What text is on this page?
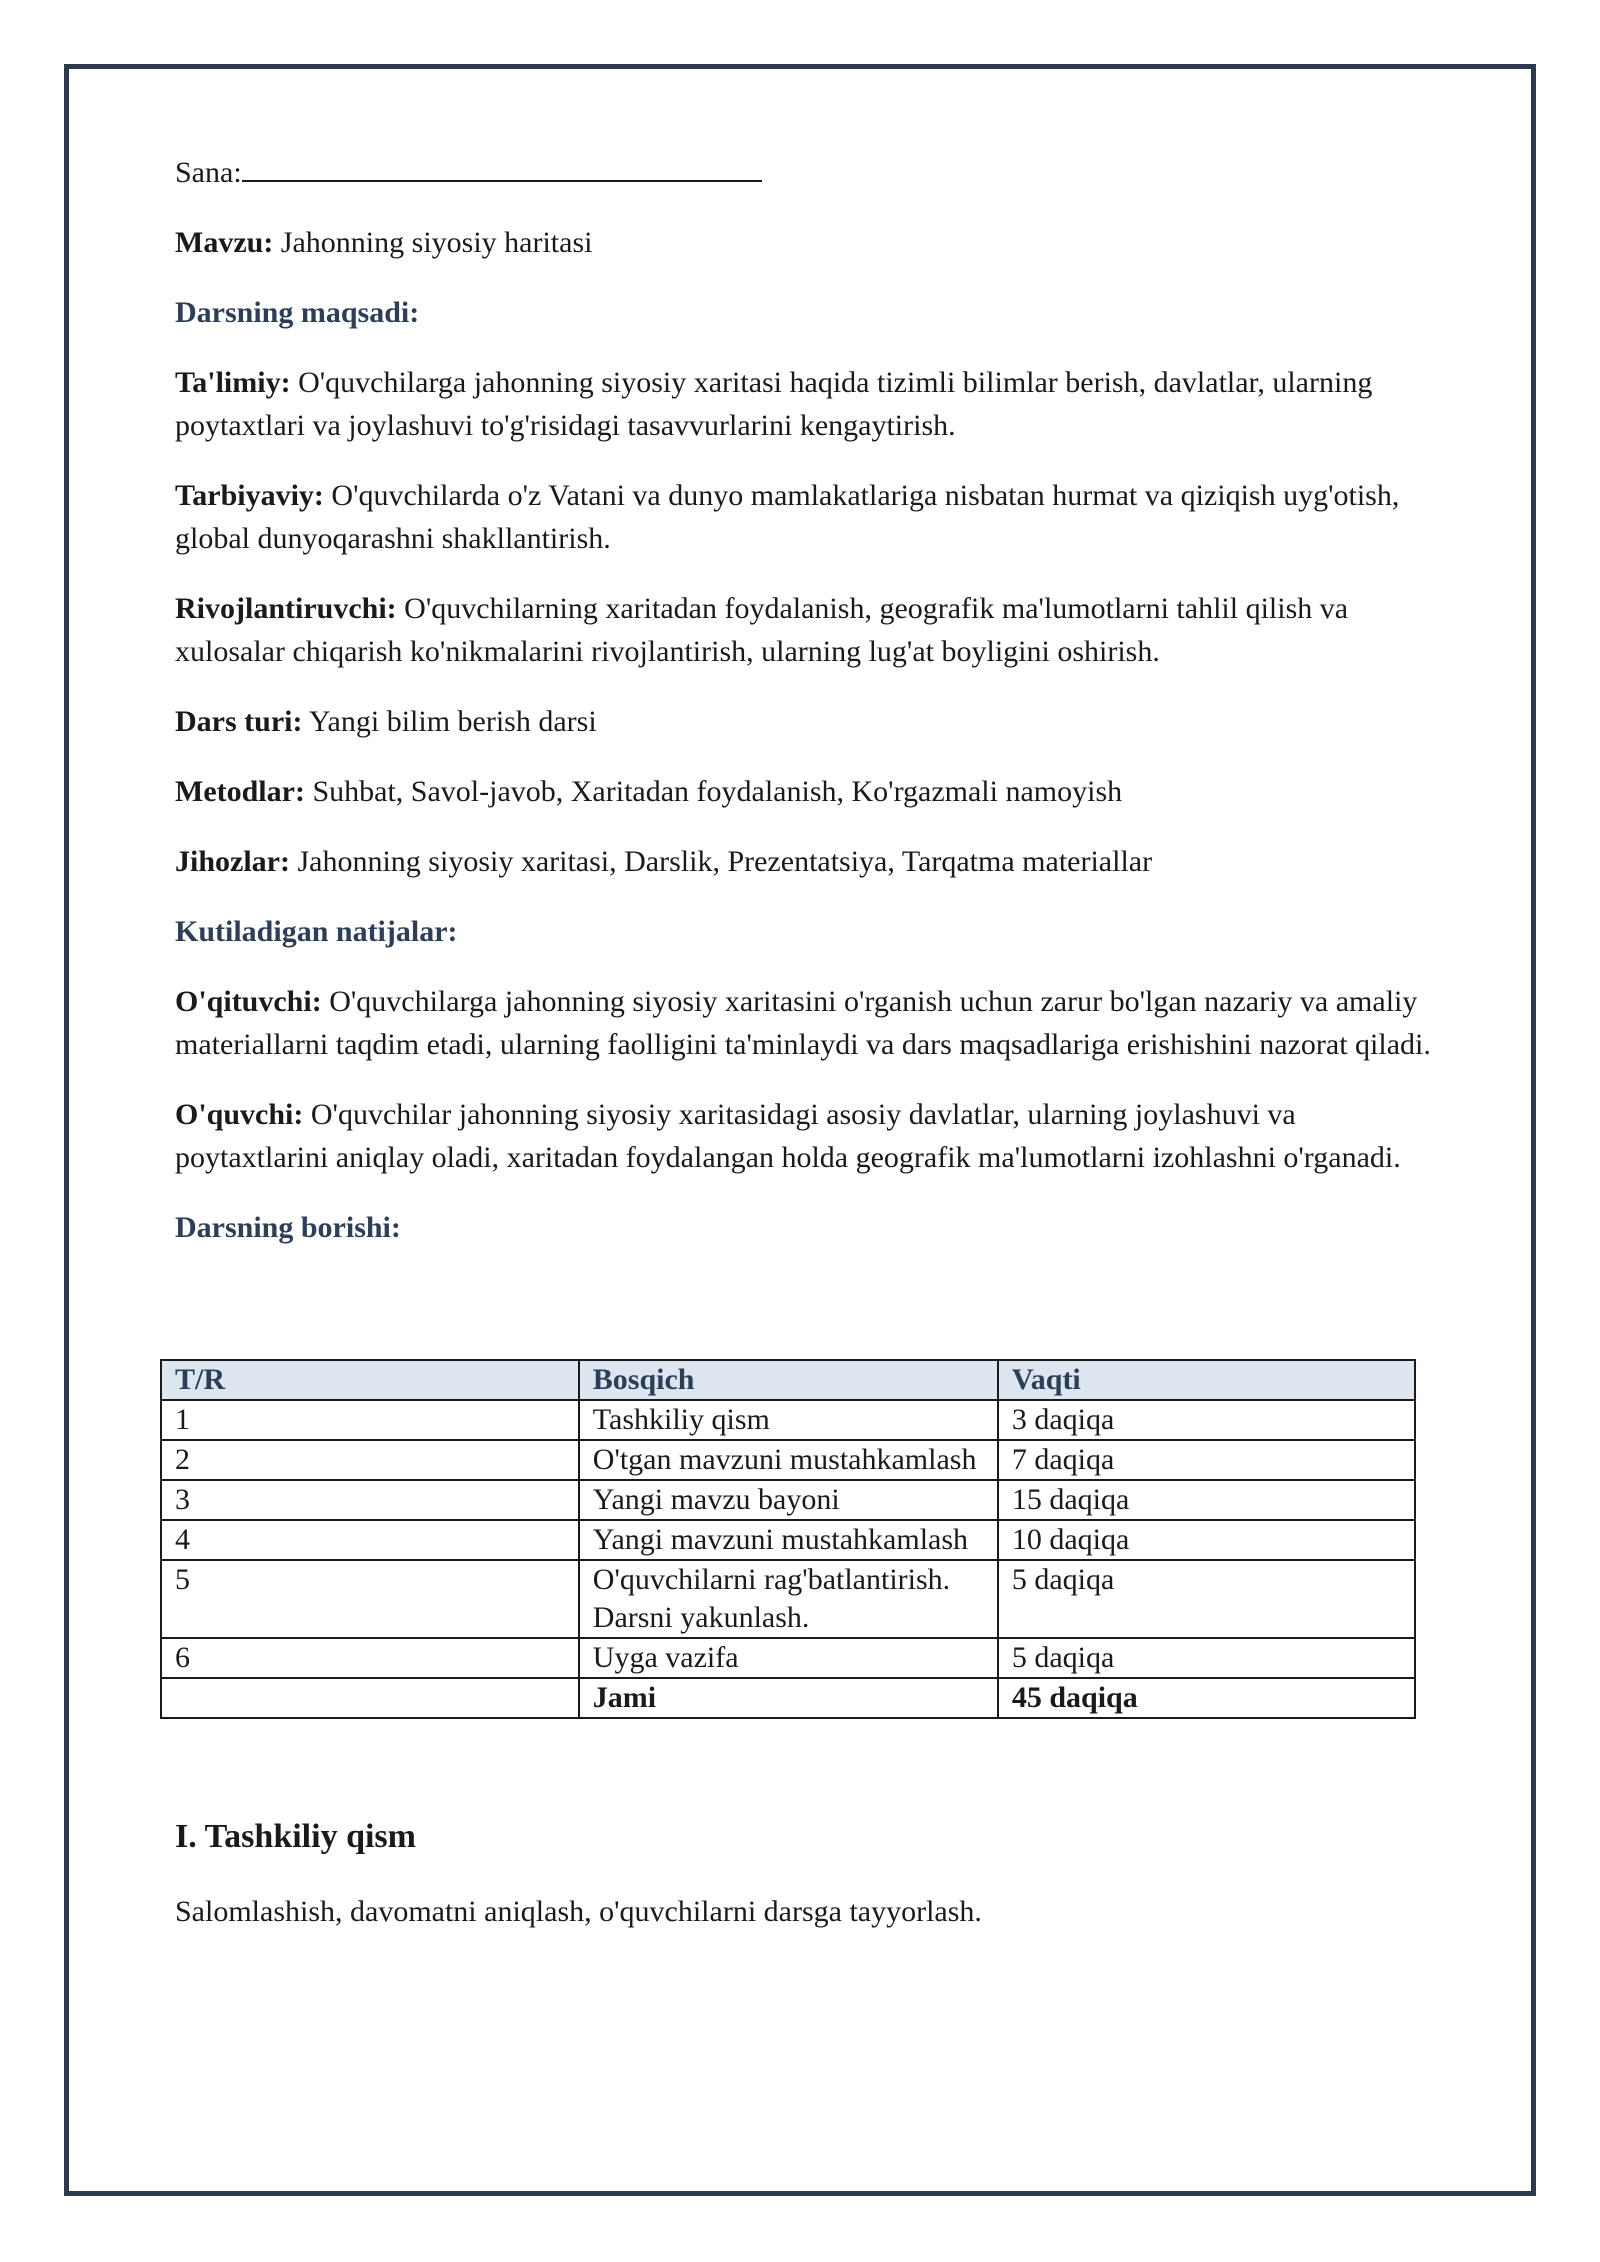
Sana:

Mavzu: Jahonning siyosiy haritasi

Darsning maqsadi:

Ta'limiy: O'quvchilarga jahonning siyosiy xaritasi haqida tizimli bilimlar berish, davlatlar, ularning poytaxtlari va joylashuvi to'g'risidagi tasavvurlarini kengaytirish.

Tarbiyaviy: O'quvchilarda o'z Vatani va dunyo mamlakatlariga nisbatan hurmat va qiziqish uyg'otish, global dunyoqarashni shakllantirish.

Rivojlantiruvchi: O'quvchilarning xaritadan foydalanish, geografik ma'lumotlarni tahlil qilish va xulosalar chiqarish ko'nikmalarini rivojlantirish, ularning lug'at boyligini oshirish.

Dars turi: Yangi bilim berish darsi

Metodlar: Suhbat, Savol-javob, Xaritadan foydalanish, Ko'rgazmali namoyish

Jihozlar: Jahonning siyosiy xaritasi, Darslik, Prezentatsiya, Tarqatma materiallar

Kutiladigan natijalar:

O'qituvchi: O'quvchilarga jahonning siyosiy xaritasini o'rganish uchun zarur bo'lgan nazariy va amaliy materiallarni taqdim etadi, ularning faolligini ta'minlaydi va dars maqsadlariga erishishini nazorat qiladi.

O'quvchi: O'quvchilar jahonning siyosiy xaritasidagi asosiy davlatlar, ularning joylashuvi va poytaxtlarini aniqlay oladi, xaritadan foydalangan holda geografik ma'lumotlarni izohlashni o'rganadi.

Darsning borishi:

T/R	Bosqich	Vaqti
1	Tashkiliy qism	3 daqiqa
2	O'tgan mavzuni mustahkamlash	7 daqiqa
3	Yangi mavzu bayoni	15 daqiqa
4	Yangi mavzuni mustahkamlash	10 daqiqa
5	O'quvchilarni rag'batlantirish. Darsni yakunlash.	5 daqiqa
6	Uyga vazifa	5 daqiqa
	Jami	45 daqiqa
I. Tashkiliy qism

Salomlashish, davomatni aniqlash, o'quvchilarni darsga tayyorlash.
